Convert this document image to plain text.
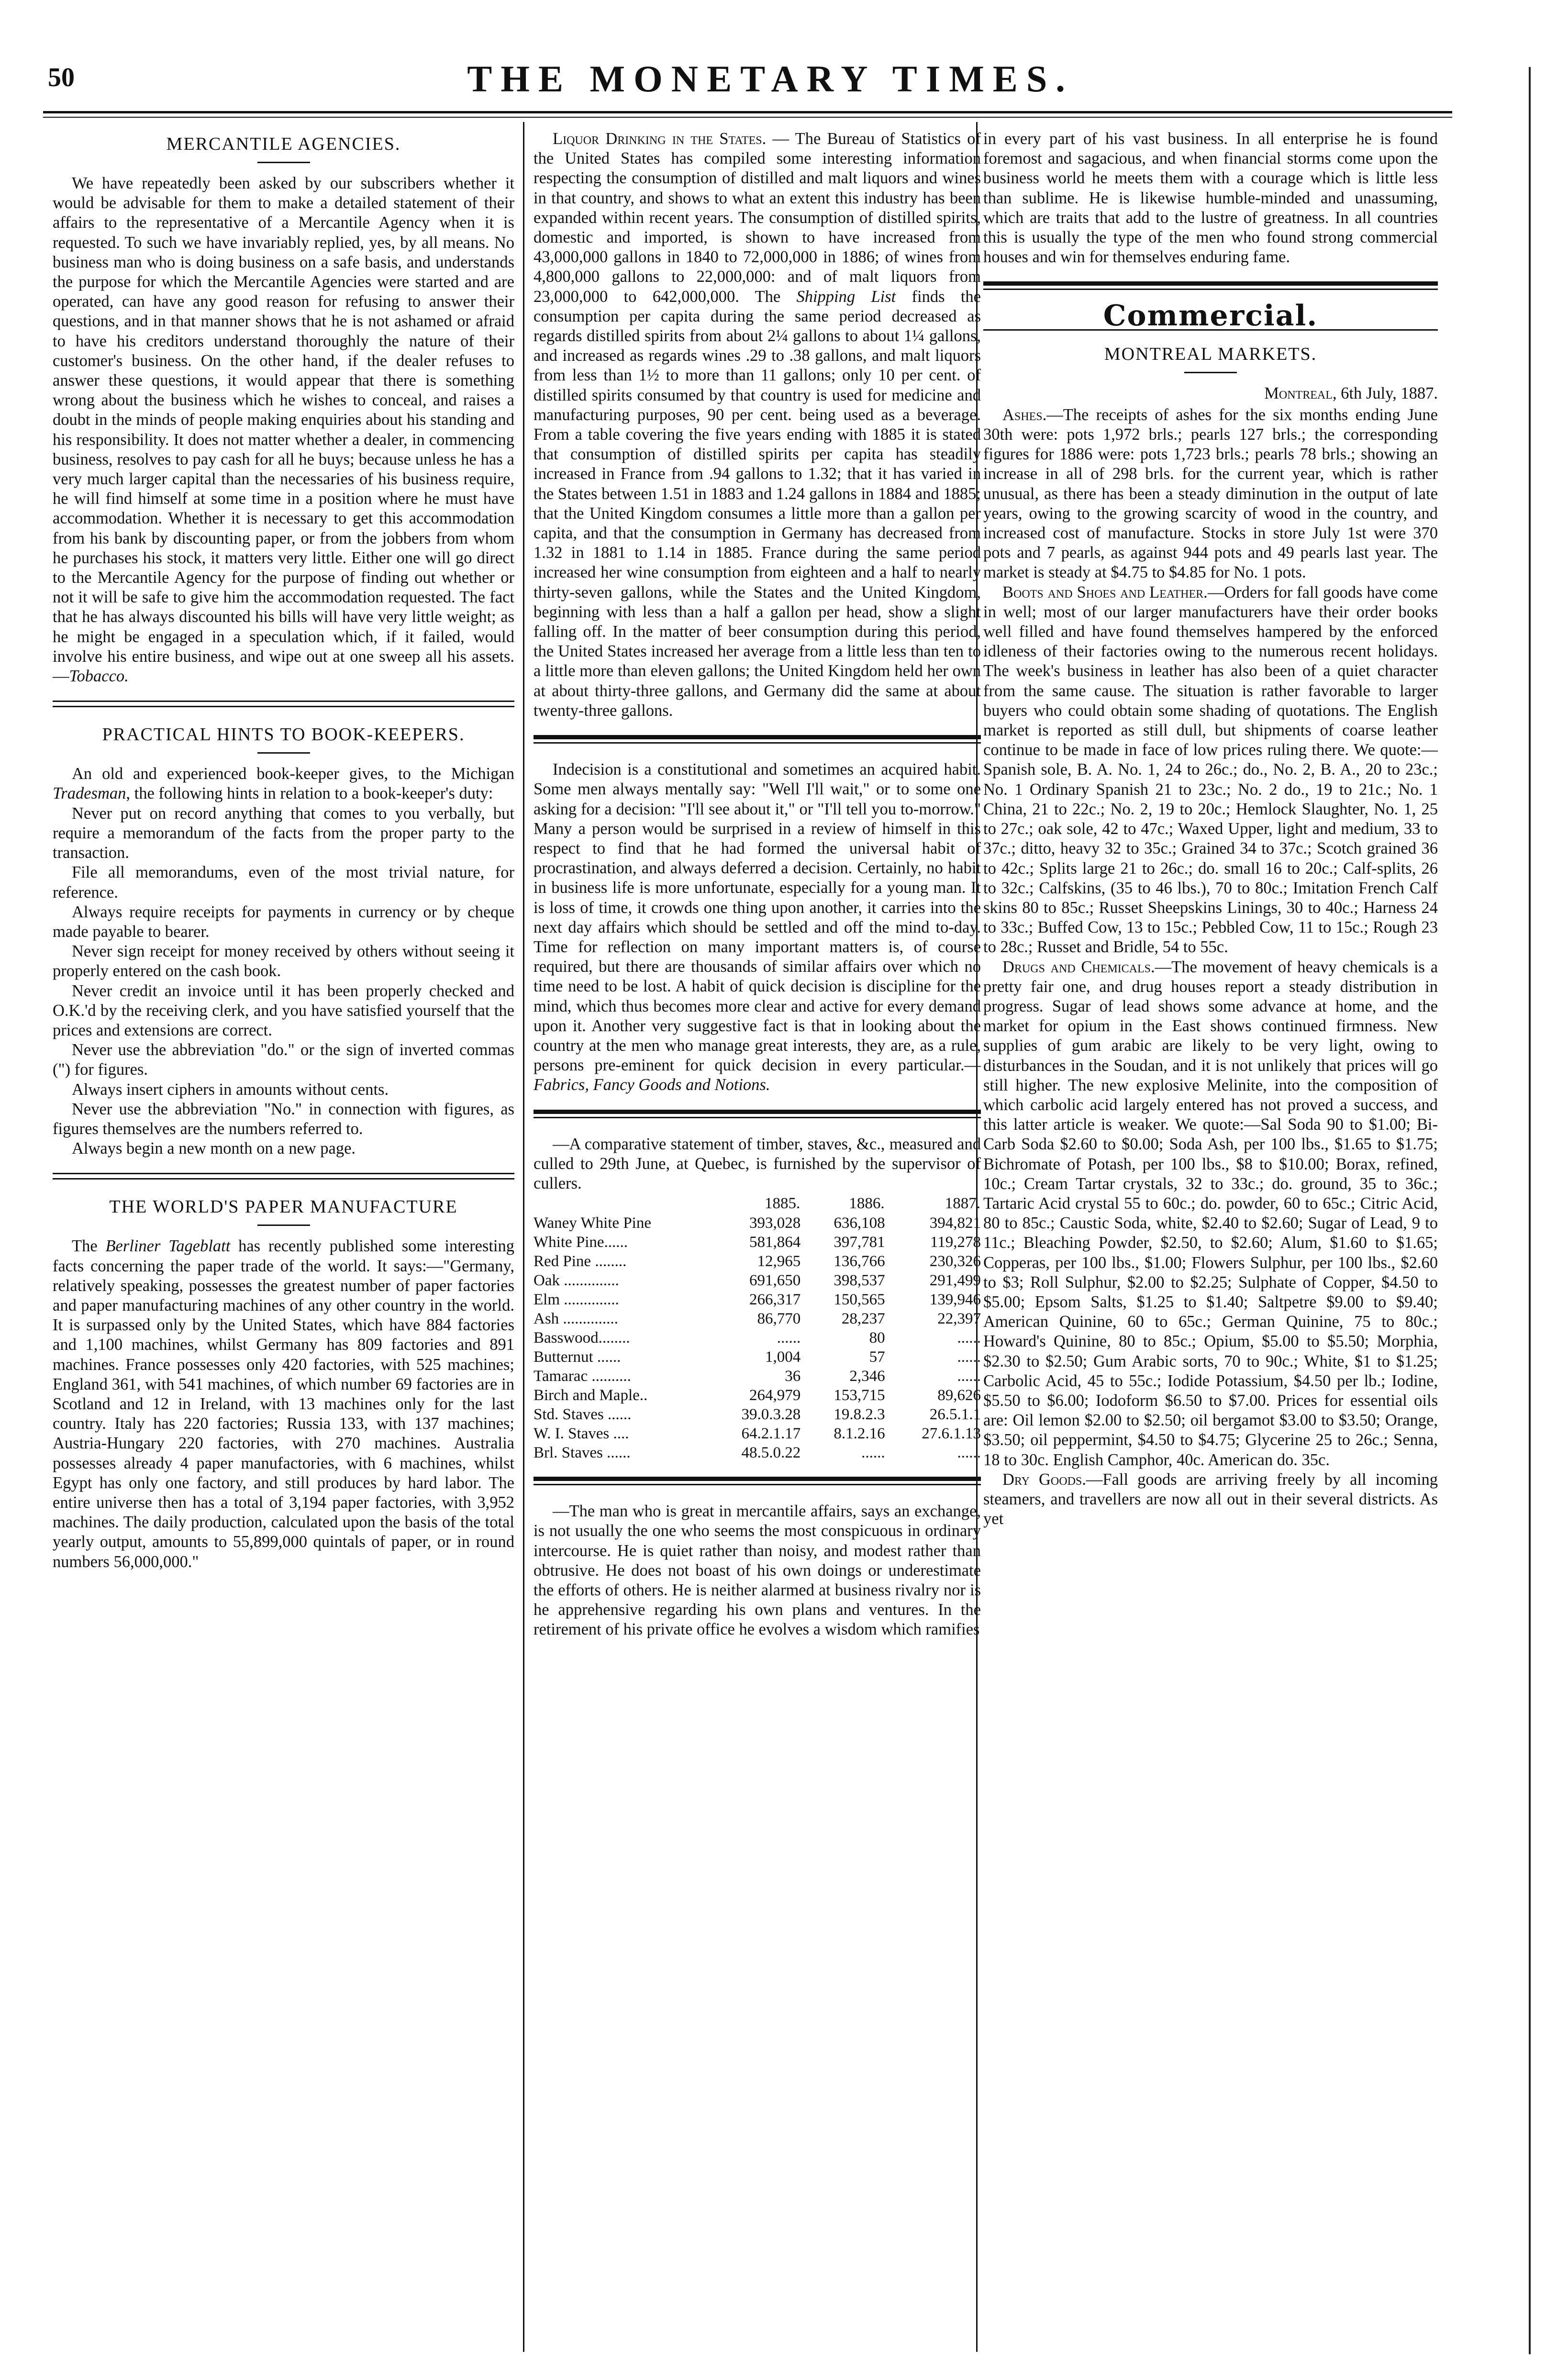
50	THE MONETARY TIMES.
MERCANTILE AGENCIES.

We have repeatedly been asked by our subscribers whether it would be advisable for them to make a detailed statement of their affairs to the representative of a Mercantile Agency when it is requested. To such we have invariably replied, yes, by all means. No business man who is doing business on a safe basis, and understands the purpose for which the Mercantile Agencies were started and are operated, can have any good reason for refusing to answer their questions, and in that manner shows that he is not ashamed or afraid to have his creditors understand thoroughly the nature of their customer's business. On the other hand, if the dealer refuses to answer these questions, it would appear that there is something wrong about the business which he wishes to conceal, and raises a doubt in the minds of people making enquiries about his standing and his responsibility. It does not matter whether a dealer, in commencing business, resolves to pay cash for all he buys; because unless he has a very much larger capital than the necessaries of his business require, he will find himself at some time in a position where he must have accommodation. Whether it is necessary to get this accommodation from his bank by discounting paper, or from the jobbers from whom he purchases his stock, it matters very little. Either one will go direct to the Mercantile Agency for the purpose of finding out whether or not it will be safe to give him the accommodation requested. The fact that he has always discounted his bills will have very little weight; as he might be engaged in a speculation which, if it failed, would involve his entire business, and wipe out at one sweep all his assets.—Tobacco.

PRACTICAL HINTS TO BOOK-KEEPERS.

An old and experienced book-keeper gives, to the Michigan Tradesman, the following hints in relation to a book-keeper's duty:

Never put on record anything that comes to you verbally, but require a memorandum of the facts from the proper party to the transaction.

File all memorandums, even of the most trivial nature, for reference.

Always require receipts for payments in currency or by cheque made payable to bearer.

Never sign receipt for money received by others without seeing it properly entered on the cash book.

Never credit an invoice until it has been properly checked and O.K.'d by the receiving clerk, and you have satisfied yourself that the prices and extensions are correct.

Never use the abbreviation "do." or the sign of inverted commas (") for figures.

Always insert ciphers in amounts without cents.

Never use the abbreviation "No." in connection with figures, as figures themselves are the numbers referred to.

Always begin a new month on a new page.

THE WORLD'S PAPER MANUFACTURE

The Berliner Tageblatt has recently published some interesting facts concerning the paper trade of the world. It says:—"Germany, relatively speaking, possesses the greatest number of paper factories and paper manufacturing machines of any other country in the world. It is surpassed only by the United States, which have 884 factories and 1,100 machines, whilst Germany has 809 factories and 891 machines. France possesses only 420 factories, with 525 machines; England 361, with 541 machines, of which number 69 factories are in Scotland and 12 in Ireland, with 13 machines only for the last country. Italy has 220 factories; Russia 133, with 137 machines; Austria-Hungary 220 factories, with 270 machines. Australia possesses already 4 paper manufactories, with 6 machines, whilst Egypt has only one factory, and still produces by hard labor. The entire universe then has a total of 3,194 paper factories, with 3,952 machines. The daily production, calculated upon the basis of the total yearly output, amounts to 55,899,000 quintals of paper, or in round numbers 56,000,000."

Liquor Drinking in the States. — The Bureau of Statistics of the United States has compiled some interesting information respecting the consumption of distilled and malt liquors and wines in that country, and shows to what an extent this industry has been expanded within recent years. The consumption of distilled spirits, domestic and imported, is shown to have increased from 43,000,000 gallons in 1840 to 72,000,000 in 1886; of wines from 4,800,000 gallons to 22,000,000: and of malt liquors from 23,000,000 to 642,000,000. The Shipping List finds the consumption per capita during the same period decreased as regards distilled spirits from about 2¼ gallons to about 1¼ gallons, and increased as regards wines .29 to .38 gallons, and malt liquors from less than 1½ to more than 11 gallons; only 10 per cent. of distilled spirits consumed by that country is used for medicine and manufacturing purposes, 90 per cent. being used as a beverage. From a table covering the five years ending with 1885 it is stated that consumption of distilled spirits per capita has steadily increased in France from .94 gallons to 1.32; that it has varied in the States between 1.51 in 1883 and 1.24 gallons in 1884 and 1885; that the United Kingdom consumes a little more than a gallon per capita, and that the consumption in Germany has decreased from 1.32 in 1881 to 1.14 in 1885. France during the same period increased her wine consumption from eighteen and a half to nearly thirty-seven gallons, while the States and the United Kingdom, beginning with less than a half a gallon per head, show a slight falling off. In the matter of beer consumption during this period, the United States increased her average from a little less than ten to a little more than eleven gallons; the United Kingdom held her own at about thirty-three gallons, and Germany did the same at about twenty-three gallons.

Indecision is a constitutional and sometimes an acquired habit. Some men always mentally say: "Well I'll wait," or to some one asking for a decision: "I'll see about it," or "I'll tell you to-morrow." Many a person would be surprised in a review of himself in this respect to find that he had formed the universal habit of procrastination, and always deferred a decision. Certainly, no habit in business life is more unfortunate, especially for a young man. It is loss of time, it crowds one thing upon another, it carries into the next day affairs which should be settled and off the mind to-day. Time for reflection on many important matters is, of course required, but there are thousands of similar affairs over which no time need to be lost. A habit of quick decision is discipline for the mind, which thus becomes more clear and active for every demand upon it. Another very suggestive fact is that in looking about the country at the men who manage great interests, they are, as a rule, persons pre-eminent for quick decision in every particular.—Fabrics, Fancy Goods and Notions.

—A comparative statement of timber, staves, &c., measured and culled to 29th June, at Quebec, is furnished by the supervisor of cullers.

	1885.	1886.	1887.
Waney White Pine	393,028	636,108	394,821
White Pine......	581,864	397,781	119,278
Red Pine ........	12,965	136,766	230,326
Oak ..............	691,650	398,537	291,499
Elm ..............	266,317	150,565	139,946
Ash ..............	86,770	28,237	22,397
Basswood........	......	80	......
Butternut ......	1,004	57	......
Tamarac ..........	36	2,346	......
Birch and Maple..	264,979	153,715	89,626
Std. Staves ......	39.0.3.28	19.8.2.3	26.5.1.1
W. I. Staves ....	64.2.1.17	8.1.2.16	27.6.1.13
Brl. Staves ......	48.5.0.22	......	......

—The man who is great in mercantile affairs, says an exchange, is not usually the one who seems the most conspicuous in ordinary intercourse. He is quiet rather than noisy, and modest rather than obtrusive. He does not boast of his own doings or underestimate the efforts of others. He is neither alarmed at business rivalry nor is he apprehensive regarding his own plans and ventures. In the retirement of his private office he evolves a wisdom which ramifies

in every part of his vast business. In all enterprise he is found foremost and sagacious, and when financial storms come upon the business world he meets them with a courage which is little less than sublime. He is likewise humble-minded and unassuming, which are traits that add to the lustre of greatness. In all countries this is usually the type of the men who found strong commercial houses and win for themselves enduring fame.

Commercial.
MONTREAL MARKETS.
Montreal, 6th July, 1887.

Ashes.—The receipts of ashes for the six months ending June 30th were: pots 1,972 brls.; pearls 127 brls.; the corresponding figures for 1886 were: pots 1,723 brls.; pearls 78 brls.; showing an increase in all of 298 brls. for the current year, which is rather unusual, as there has been a steady diminution in the output of late years, owing to the growing scarcity of wood in the country, and increased cost of manufacture. Stocks in store July 1st were 370 pots and 7 pearls, as against 944 pots and 49 pearls last year. The market is steady at $4.75 to $4.85 for No. 1 pots.

Boots and Shoes and Leather.—Orders for fall goods have come in well; most of our larger manufacturers have their order books well filled and have found themselves hampered by the enforced idleness of their factories owing to the numerous recent holidays. The week's business in leather has also been of a quiet character from the same cause. The situation is rather favorable to larger buyers who could obtain some shading of quotations. The English market is reported as still dull, but shipments of coarse leather continue to be made in face of low prices ruling there. We quote:—Spanish sole, B. A. No. 1, 24 to 26c.; do., No. 2, B. A., 20 to 23c.; No. 1 Ordinary Spanish 21 to 23c.; No. 2 do., 19 to 21c.; No. 1 China, 21 to 22c.; No. 2, 19 to 20c.; Hemlock Slaughter, No. 1, 25 to 27c.; oak sole, 42 to 47c.; Waxed Upper, light and medium, 33 to 37c.; ditto, heavy 32 to 35c.; Grained 34 to 37c.; Scotch grained 36 to 42c.; Splits large 21 to 26c.; do. small 16 to 20c.; Calf-splits, 26 to 32c.; Calfskins, (35 to 46 lbs.), 70 to 80c.; Imitation French Calf skins 80 to 85c.; Russet Sheepskins Linings, 30 to 40c.; Harness 24 to 33c.; Buffed Cow, 13 to 15c.; Pebbled Cow, 11 to 15c.; Rough 23 to 28c.; Russet and Bridle, 54 to 55c.

Drugs and Chemicals.—The movement of heavy chemicals is a pretty fair one, and drug houses report a steady distribution in progress. Sugar of lead shows some advance at home, and the market for opium in the East shows continued firmness. New supplies of gum arabic are likely to be very light, owing to disturbances in the Soudan, and it is not unlikely that prices will go still higher. The new explosive Melinite, into the composition of which carbolic acid largely entered has not proved a success, and this latter article is weaker. We quote:—Sal Soda 90 to $1.00; Bi-Carb Soda $2.60 to $0.00; Soda Ash, per 100 lbs., $1.65 to $1.75; Bichromate of Potash, per 100 lbs., $8 to $10.00; Borax, refined, 10c.; Cream Tartar crystals, 32 to 33c.; do. ground, 35 to 36c.; Tartaric Acid crystal 55 to 60c.; do. powder, 60 to 65c.; Citric Acid, 80 to 85c.; Caustic Soda, white, $2.40 to $2.60; Sugar of Lead, 9 to 11c.; Bleaching Powder, $2.50, to $2.60; Alum, $1.60 to $1.65; Copperas, per 100 lbs., $1.00; Flowers Sulphur, per 100 lbs., $2.60 to $3; Roll Sulphur, $2.00 to $2.25; Sulphate of Copper, $4.50 to $5.00; Epsom Salts, $1.25 to $1.40; Saltpetre $9.00 to $9.40; American Quinine, 60 to 65c.; German Quinine, 75 to 80c.; Howard's Quinine, 80 to 85c.; Opium, $5.00 to $5.50; Morphia, $2.30 to $2.50; Gum Arabic sorts, 70 to 90c.; White, $1 to $1.25; Carbolic Acid, 45 to 55c.; Iodide Potassium, $4.50 per lb.; Iodine, $5.50 to $6.00; Iodoform $6.50 to $7.00. Prices for essential oils are: Oil lemon $2.00 to $2.50; oil bergamot $3.00 to $3.50; Orange, $3.50; oil peppermint, $4.50 to $4.75; Glycerine 25 to 26c.; Senna, 18 to 30c. English Camphor, 40c. American do. 35c.

Dry Goods.—Fall goods are arriving freely by all incoming steamers, and travellers are now all out in their several districts. As yet
